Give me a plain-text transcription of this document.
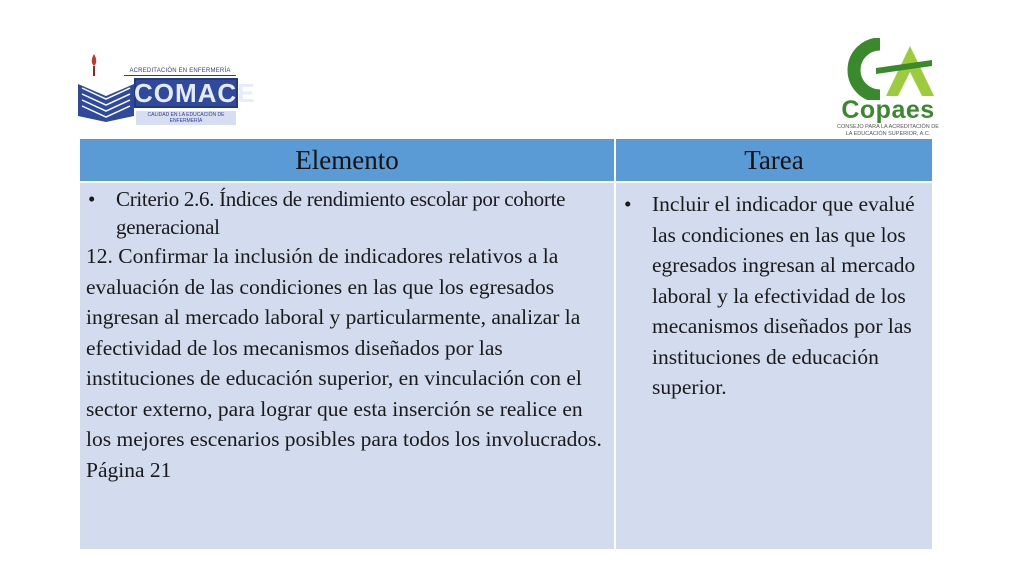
ACREDITACIÓN EN ENFERMERÍA
COMACE
CALIDAD EN LA EDUCACIÓN DE ENFERMERÍA	Copaes
CONSEJO PARA LA ACREDITACIÓN DE LA EDUCACIÓN SUPERIOR, A.C.
Elemento	Tarea
• Criterio 2.6. Índices de rendimiento escolar por cohorte generacional
12. Confirmar la inclusión de indicadores relativos a la evaluación de las condiciones en las que los egresados ingresan al mercado laboral y particularmente, analizar la efectividad de los mecanismos diseñados por las instituciones de educación superior, en vinculación con el sector externo, para lograr que esta inserción se realice en los mejores escenarios posibles para todos los involucrados.
Página 21
• Incluir el indicador que evalué las condiciones en las que los egresados ingresan al mercado laboral y la efectividad de los mecanismos diseñados por las instituciones de educación superior.
